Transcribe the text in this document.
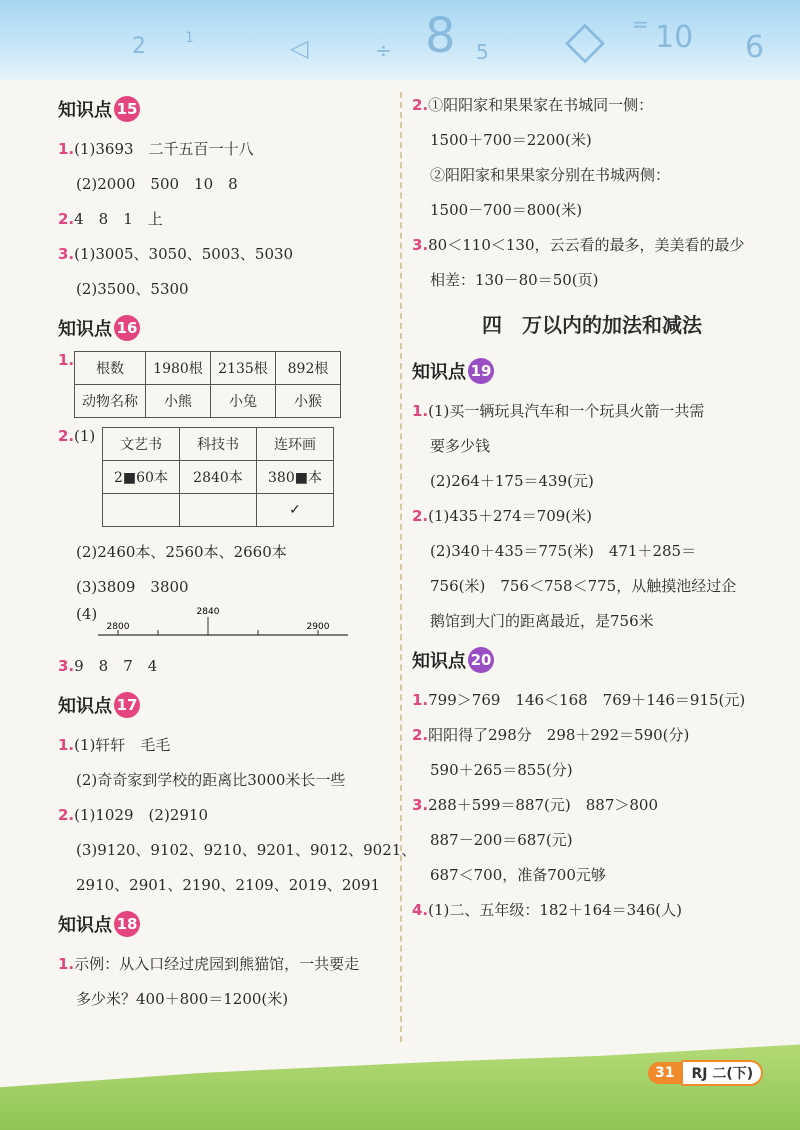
2	1	◁	÷ 8 5 ◇ = 10 6
知识点 15
1.(1)3693　二千五百一十八
(2)2000　500　10　8
2.4　8　1　上
3.(1)3005、3050、5003、5030
(2)3500、5300
知识点 16
1. 根数	1980根	2135根	892根
动物名称	小熊	小兔	小猴
2. (1)	文艺书	科技书	连环画
2■60本	2840本	380■本
		✓
(2)2460本、2560本、2660本
(3)3809　3800
(4)
2800
2840
2900
3.9　8　7　4
知识点 17
1.(1)轩轩　毛毛
(2)奇奇家到学校的距离比3000米长一些
2.(1)1029　(2)2910
(3)9120、9102、9210、9201、9012、9021、
2910、2901、2190、2109、2019、2091
知识点 18
1.示例：从入口经过虎园到熊猫馆，一共要走
多少米？400＋800＝1200(米)
2.①阳阳家和果果家在书城同一侧：
1500＋700＝2200(米)
②阳阳家和果果家分别在书城两侧：
1500－700＝800(米)
3.80＜110＜130，云云看的最多，美美看的最少
相差：130－80＝50(页)
四　万以内的加法和减法
知识点 19
1.(1)买一辆玩具汽车和一个玩具火箭一共需
要多少钱
(2)264＋175＝439(元)
2.(1)435＋274＝709(米)
(2)340＋435＝775(米)　471＋285＝
756(米)　756＜758＜775，从触摸池经过企
鹅馆到大门的距离最近，是756米
知识点 20
1.799＞769　146＜168　769＋146＝915(元)
2.阳阳得了298分　298＋292＝590(分)
590＋265＝855(分)
3.288＋599＝887(元)　887＞800
887－200＝687(元)
687＜700，准备700元够
4.(1)二、五年级：182＋164＝346(人)
31	RJ 二(下)
